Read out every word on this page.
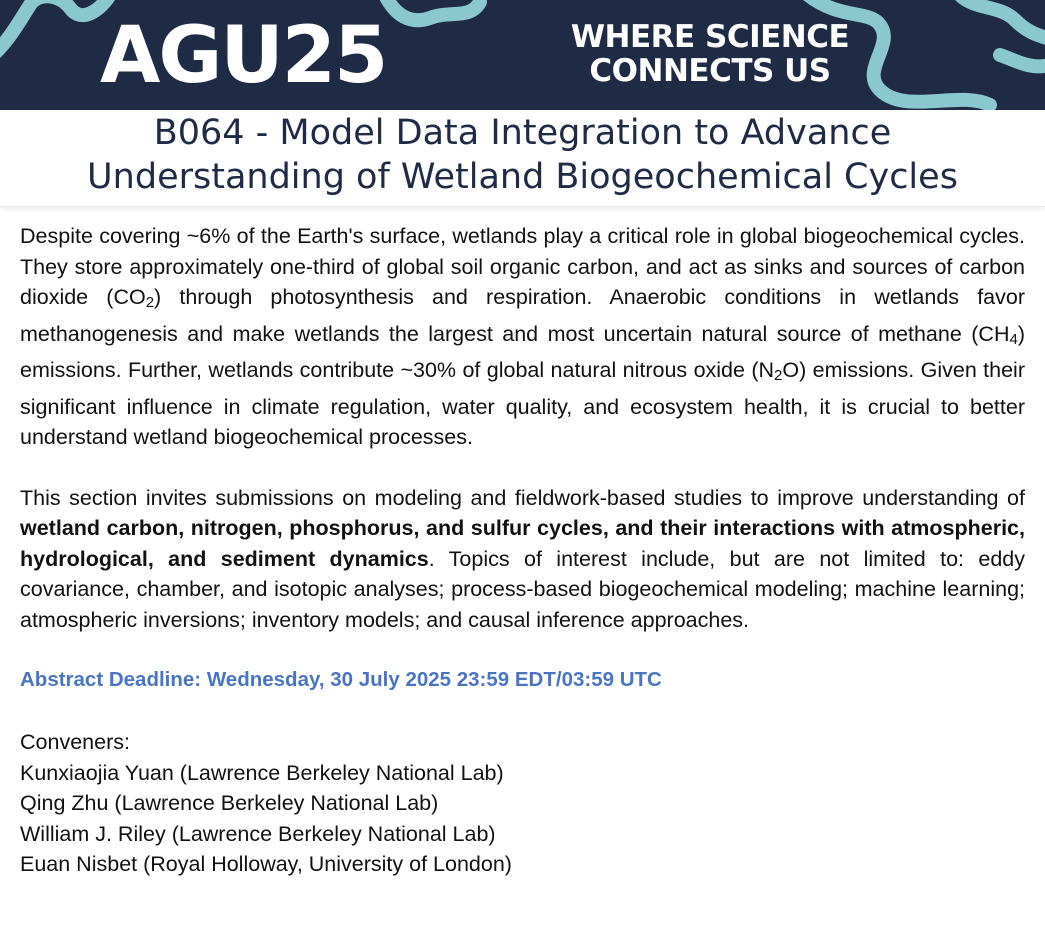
AGU25	WHERE SCIENCE
CONNECTS US
B064 - Model Data Integration to Advance
Understanding of Wetland Biogeochemical Cycles

Despite covering ~6% of the Earth's surface, wetlands play a critical role in global biogeochemical cycles. They store approximately one-third of global soil organic carbon, and act as sinks and sources of carbon dioxide $(CO_2)$ through photosynthesis and respiration. Anaerobic conditions in wetlands favor methanogenesis and make wetlands the largest and most uncertain natural source of methane $(CH_4)$ emissions. Further, wetlands contribute ~30% of global natural nitrous oxide $(N_2O)$ emissions. Given their significant influence in climate regulation, water quality, and ecosystem health, it is crucial to better understand wetland biogeochemical processes.

This section invites submissions on modeling and fieldwork-based studies to improve understanding of wetland carbon, nitrogen, phosphorus, and sulfur cycles, and their interactions with atmospheric, hydrological, and sediment dynamics. Topics of interest include, but are not limited to: eddy covariance, chamber, and isotopic analyses; process-based biogeochemical modeling; machine learning; atmospheric inversions; inventory models; and causal inference approaches.

Abstract Deadline: Wednesday, 30 July 2025 23:59 EDT/03:59 UTC
Conveners:
Kunxiaojia Yuan (Lawrence Berkeley National Lab)
Qing Zhu (Lawrence Berkeley National Lab)
William J. Riley (Lawrence Berkeley National Lab)
Euan Nisbet (Royal Holloway, University of London)
